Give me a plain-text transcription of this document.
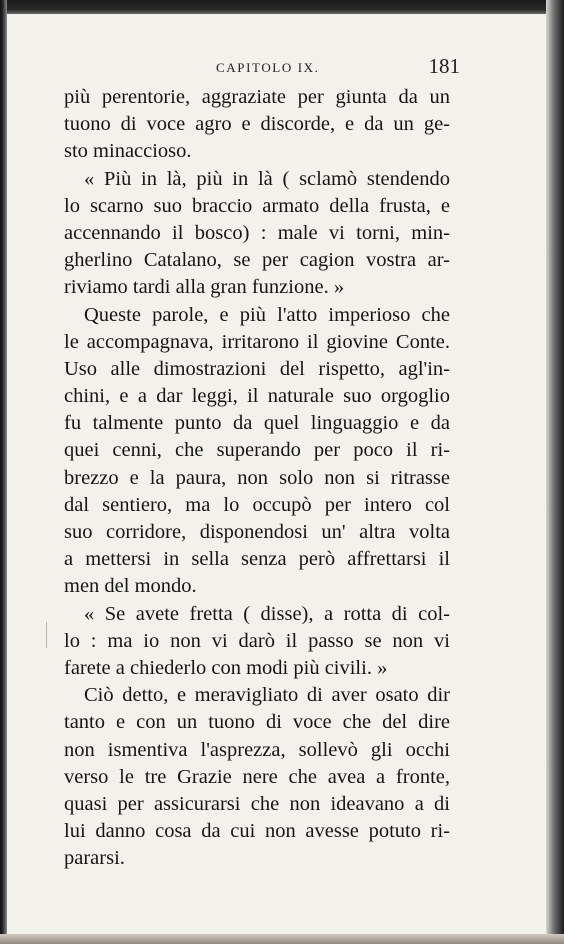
CAPITOLO IX.	181
più perentorie, aggraziate per giunta da un
tuono di voce agro e discorde, e da un ge-
sto minaccioso.
« Più in là, più in là ( sclamò stendendo
lo scarno suo braccio armato della frusta, e
accennando il bosco) : male vi torni, min-
gherlino Catalano, se per cagion vostra ar-
riviamo tardi alla gran funzione. »
Queste parole, e più l'atto imperioso che
le accompagnava, irritarono il giovine Conte.
Uso alle dimostrazioni del rispetto, agl'in-
chini, e a dar leggi, il naturale suo orgoglio
fu talmente punto da quel linguaggio e da
quei cenni, che superando per poco il ri-
brezzo e la paura, non solo non si ritrasse
dal sentiero, ma lo occupò per intero col
suo corridore, disponendosi un' altra volta
a mettersi in sella senza però affrettarsi il
men del mondo.
« Se avete fretta ( disse), a rotta di col-
lo : ma io non vi darò il passo se non vi
farete a chiederlo con modi più civili. »
Ciò detto, e meravigliato di aver osato dir
tanto e con un tuono di voce che del dire
non ismentiva l'asprezza, sollevò gli occhi
verso le tre Grazie nere che avea a fronte,
quasi per assicurarsi che non ideavano a di
lui danno cosa da cui non avesse potuto ri-
pararsi.
